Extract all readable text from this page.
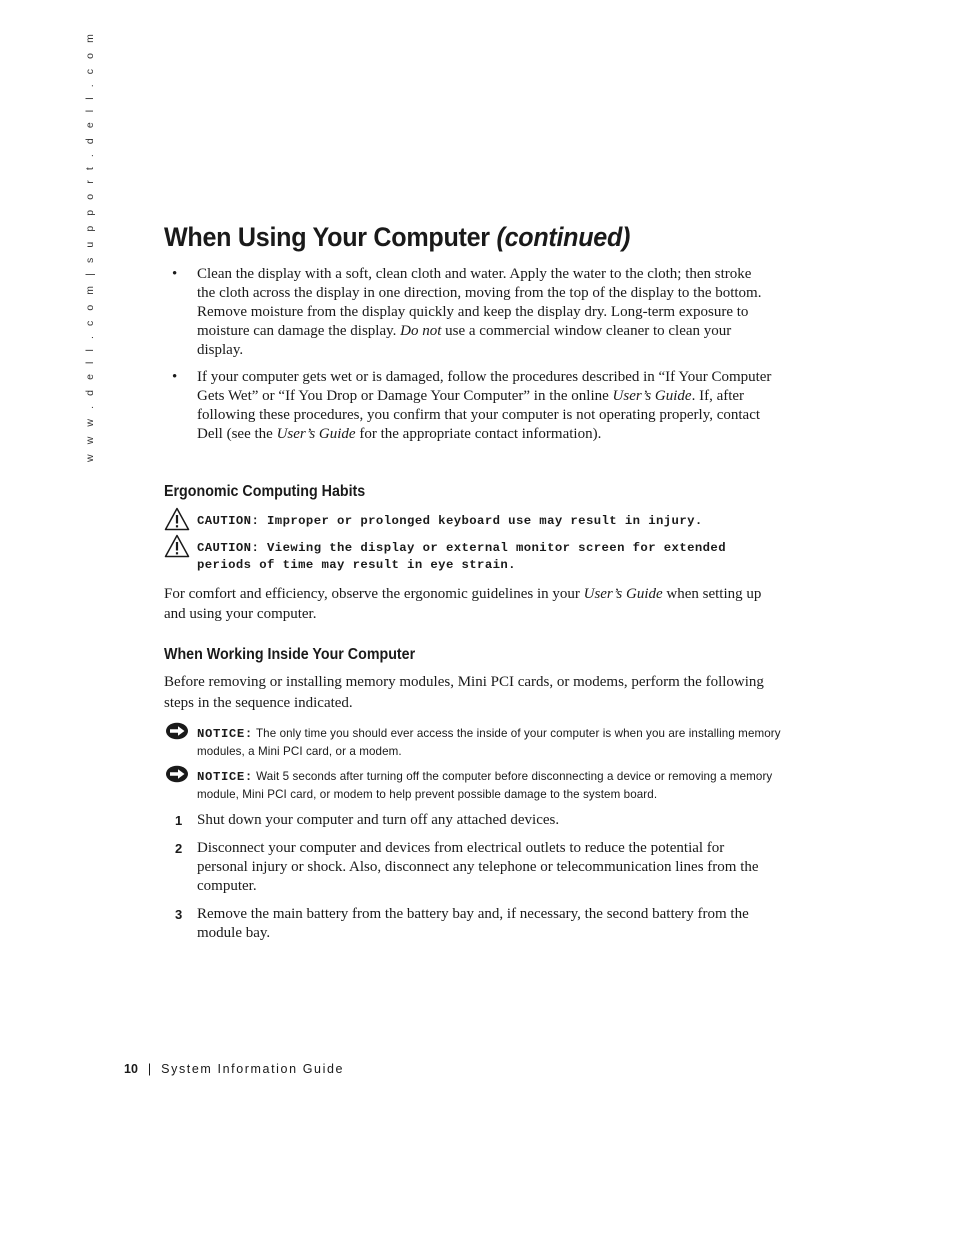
w w w . d e l l . c o m | s u p p o r t . d e l l . c o m	When Using Your Computer (continued)
• Clean the display with a soft, clean cloth and water. Apply the water to the cloth; then stroke the cloth across the display in one direction, moving from the top of the display to the bottom. Remove moisture from the display quickly and keep the display dry. Long-term exposure to moisture can damage the display. Do not use a commercial window cleaner to clean your display.
• If your computer gets wet or is damaged, follow the procedures described in “If Your Computer Gets Wet” or “If You Drop or Damage Your Computer” in the online User’s Guide. If, after following these procedures, you confirm that your computer is not operating properly, contact Dell (see the User’s Guide for the appropriate contact information).
Ergonomic Computing Habits
CAUTION: Improper or prolonged keyboard use may result in injury.
CAUTION: Viewing the display or external monitor screen for extended periods of time may result in eye strain.
For comfort and efficiency, observe the ergonomic guidelines in your User’s Guide when setting up and using your computer.
When Working Inside Your Computer
Before removing or installing memory modules, Mini PCI cards, or modems, perform the following steps in the sequence indicated.
NOTICE: The only time you should ever access the inside of your computer is when you are installing memory modules, a Mini PCI card, or a modem.
NOTICE: Wait 5 seconds after turning off the computer before disconnecting a device or removing a memory module, Mini PCI card, or modem to help prevent possible damage to the system board.
1 Shut down your computer and turn off any attached devices.
2 Disconnect your computer and devices from electrical outlets to reduce the potential for personal injury or shock. Also, disconnect any telephone or telecommunication lines from the computer.
3 Remove the main battery from the battery bay and, if necessary, the second battery from the module bay.
10 | System Information Guide
